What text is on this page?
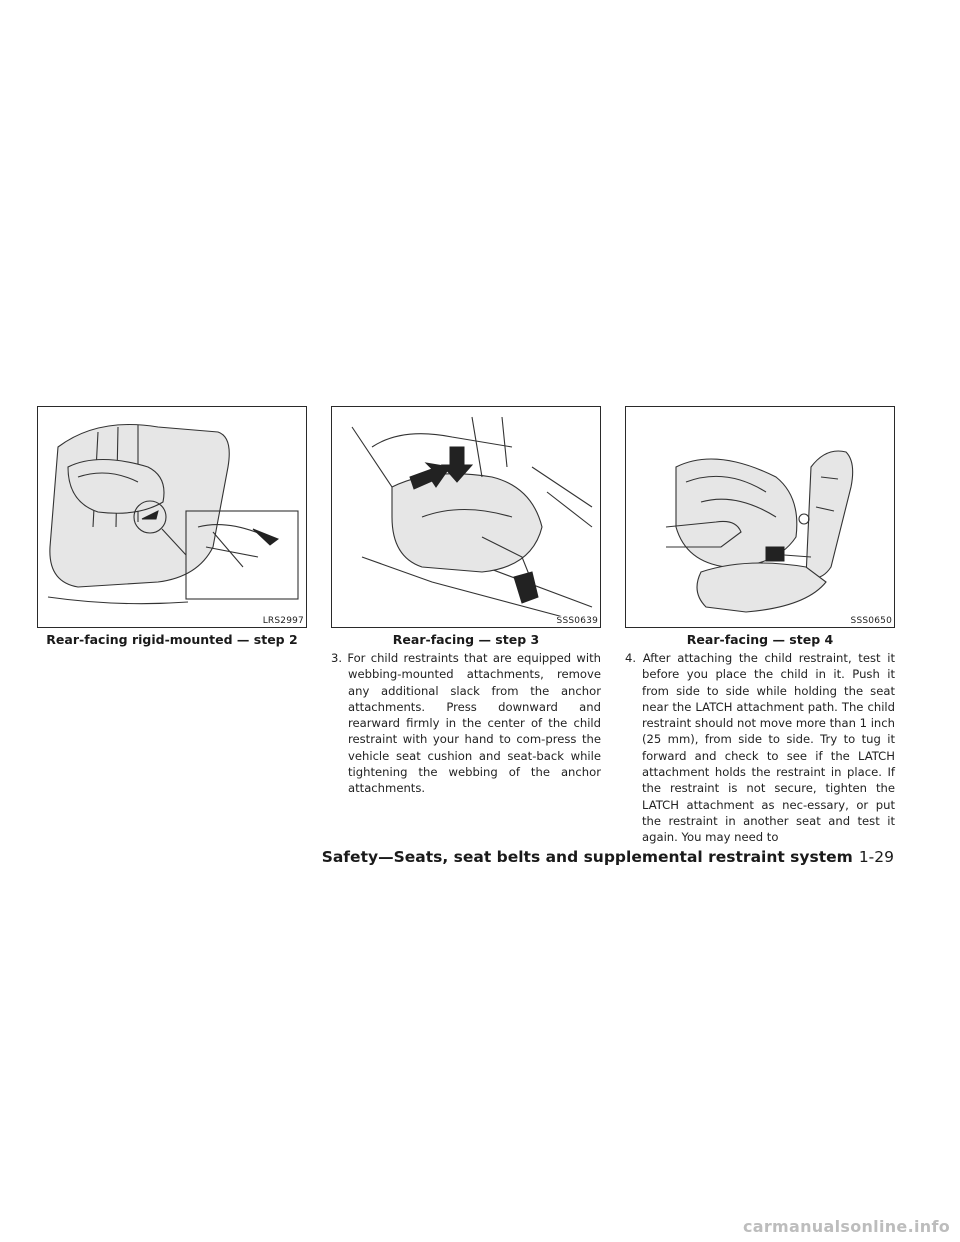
LRS2997	SSS0639	SSS0650
Rear-facing rigid-mounted — step 2	Rear-facing — step 3	Rear-facing — step 4
3. For child restraints that are equipped with webbing-mounted attachments, remove any additional slack from the anchor attachments. Press downward and rearward firmly in the center of the child restraint with your hand to com-press the vehicle seat cushion and seat-back while tightening the webbing of the anchor attachments.
4. After attaching the child restraint, test it before you place the child in it. Push it from side to side while holding the seat near the LATCH attachment path. The child restraint should not move more than 1 inch (25 mm), from side to side. Try to tug it forward and check to see if the LATCH attachment holds the restraint in place. If the restraint is not secure, tighten the LATCH attachment as nec-essary, or put the restraint in another seat and test it again. You may need to
Safety—Seats, seat belts and supplemental restraint system 1-29
carmanualsonline.info
